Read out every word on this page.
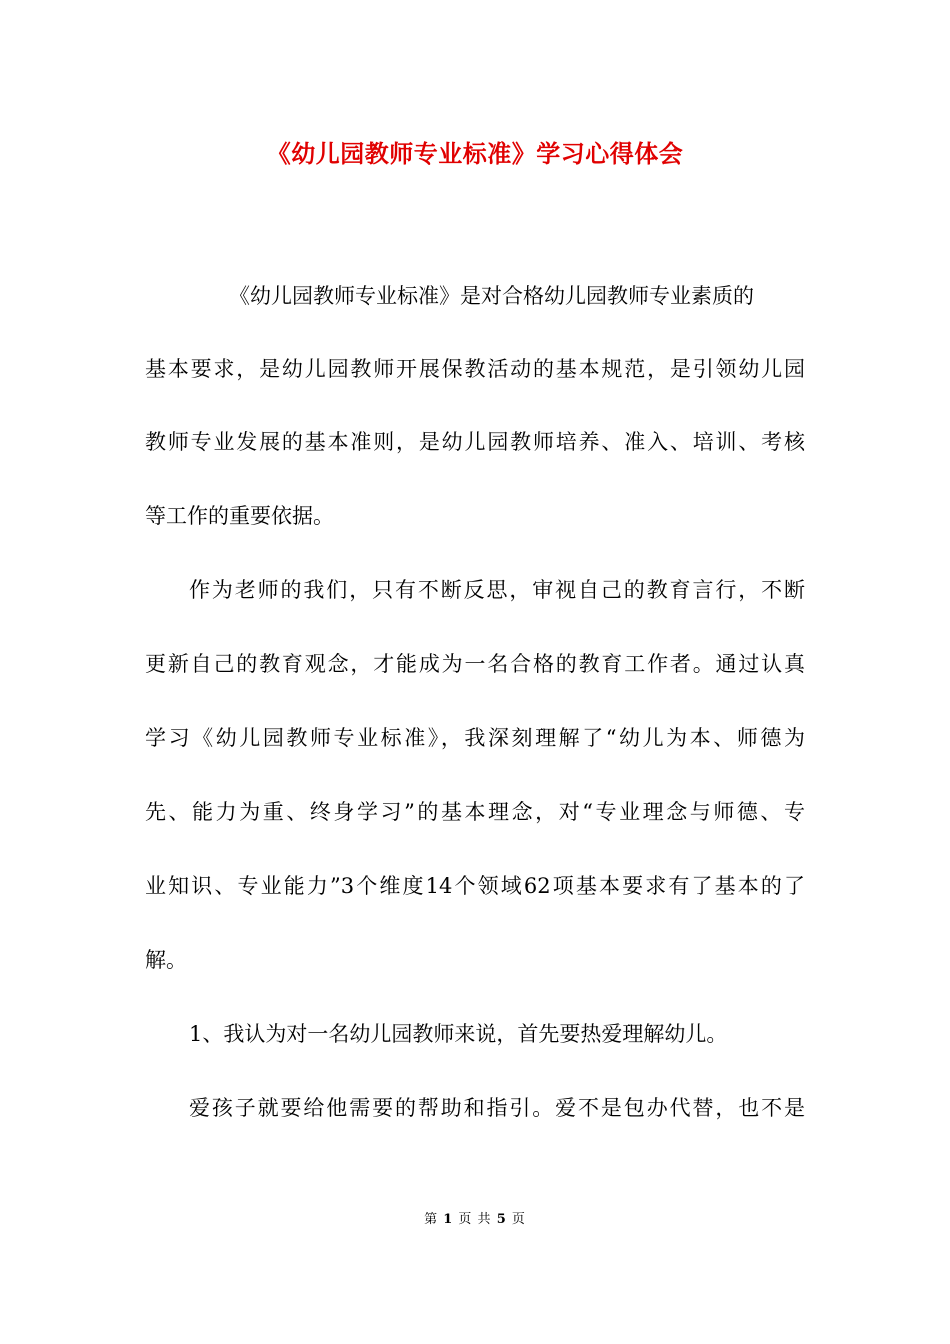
《幼儿园教师专业标准》学习心得体会
《幼儿园教师专业标准》是对合格幼儿园教师专业素质的
基本要求，是幼儿园教师开展保教活动的基本规范，是引领幼儿园
教师专业发展的基本准则，是幼儿园教师培养、准入、培训、考核
等工作的重要依据。
作为老师的我们，只有不断反思，审视自己的教育言行，不断
更新自己的教育观念，才能成为一名合格的教育工作者。通过认真
学习《幼儿园教师专业标准》，我深刻理解了“幼儿为本、师德为
先、能力为重、终身学习”的基本理念，对“专业理念与师德、专
业知识、专业能力”3个维度14个领域62项基本要求有了基本的了
解。
1、我认为对一名幼儿园教师来说，首先要热爱理解幼儿。
爱孩子就要给他需要的帮助和指引。爱不是包办代替，也不是
第 1 页 共 5 页
